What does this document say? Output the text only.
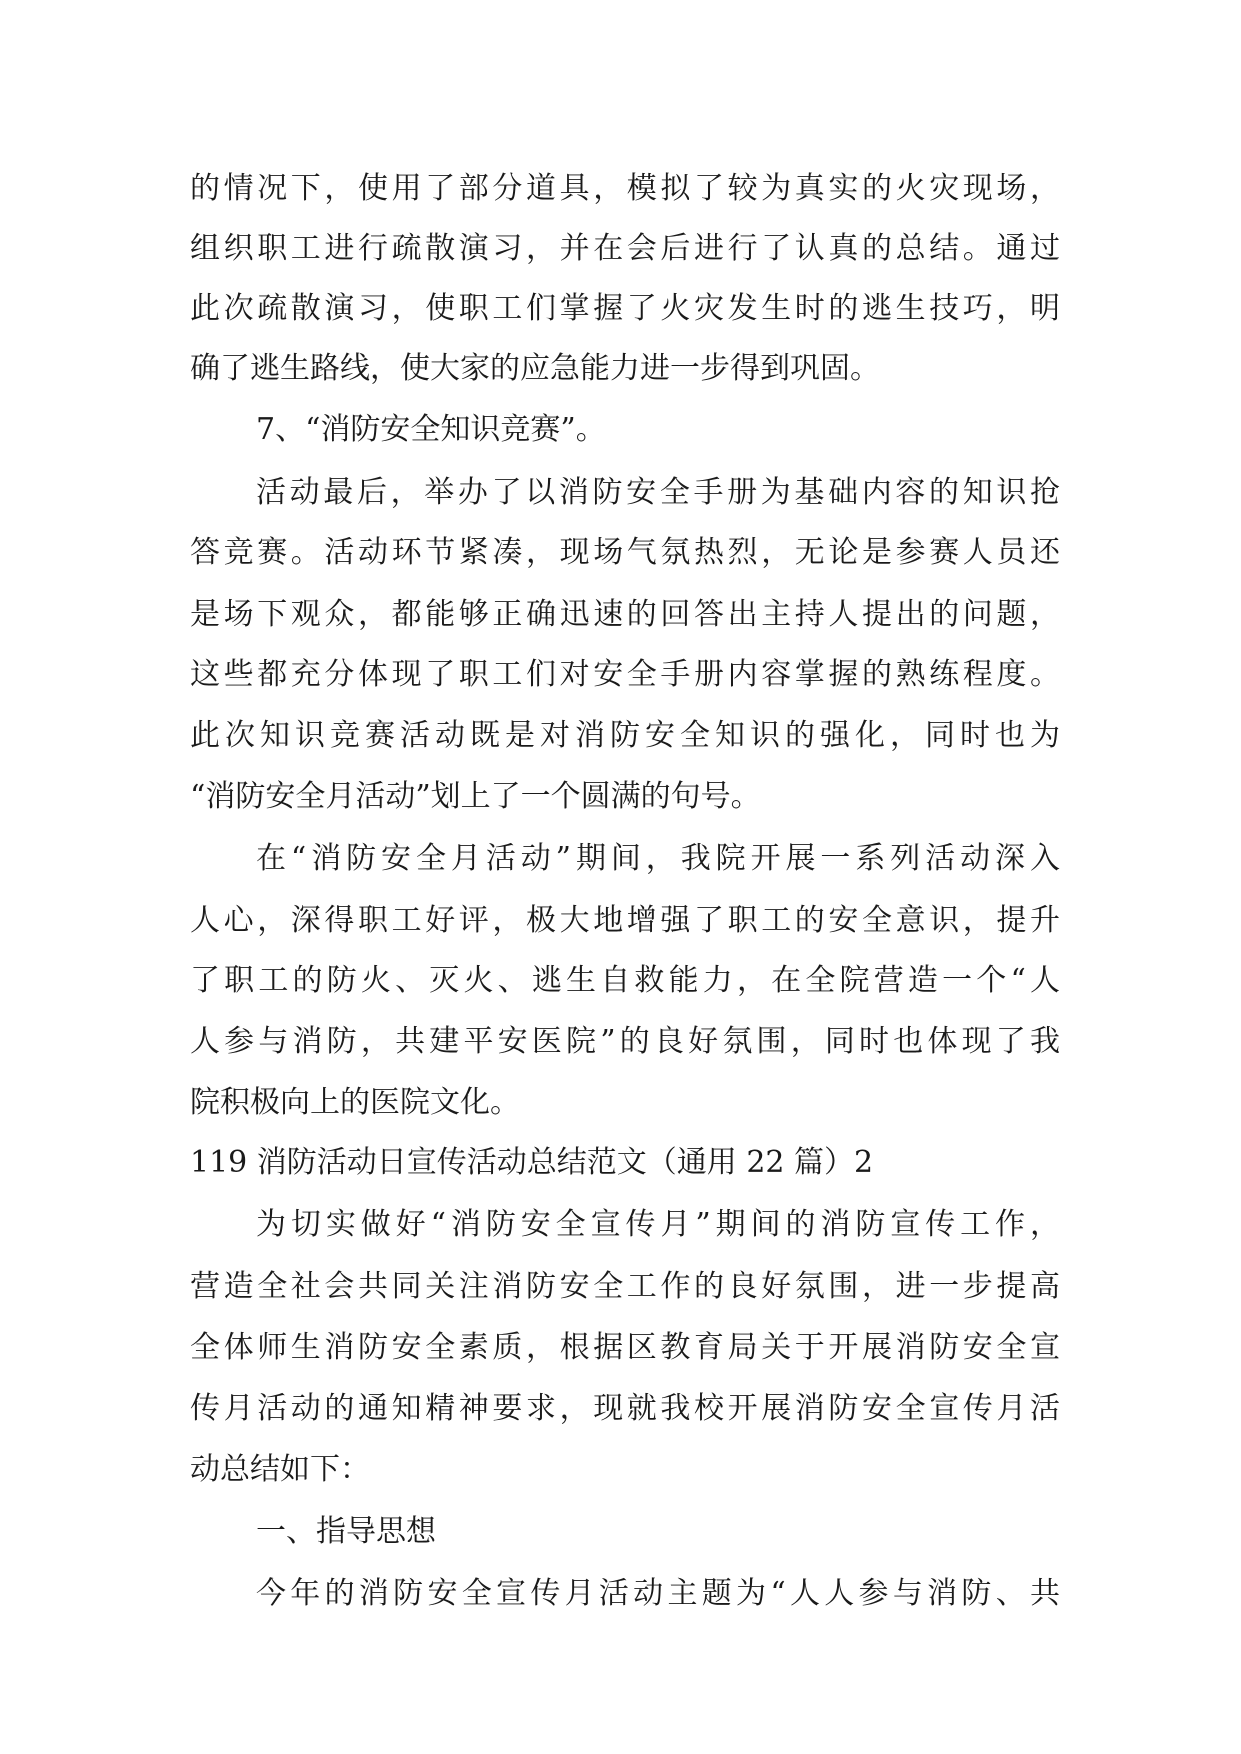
的情况下，使用了部分道具，模拟了较为真实的火灾现场，
组织职工进行疏散演习，并在会后进行了认真的总结。通过
此次疏散演习，使职工们掌握了火灾发生时的逃生技巧，明
确了逃生路线，使大家的应急能力进一步得到巩固。
7、“消防安全知识竞赛”。
活动最后，举办了以消防安全手册为基础内容的知识抢
答竞赛。活动环节紧凑，现场气氛热烈，无论是参赛人员还
是场下观众，都能够正确迅速的回答出主持人提出的问题，
这些都充分体现了职工们对安全手册内容掌握的熟练程度。
此次知识竞赛活动既是对消防安全知识的强化，同时也为
“消防安全月活动”划上了一个圆满的句号。
在“消防安全月活动”期间，我院开展一系列活动深入
人心，深得职工好评，极大地增强了职工的安全意识，提升
了职工的防火、灭火、逃生自救能力，在全院营造一个“人
人参与消防，共建平安医院”的良好氛围，同时也体现了我
院积极向上的医院文化。
119 消防活动日宣传活动总结范文（通用 22 篇）2
为切实做好“消防安全宣传月”期间的消防宣传工作，
营造全社会共同关注消防安全工作的良好氛围，进一步提高
全体师生消防安全素质，根据区教育局关于开展消防安全宣
传月活动的通知精神要求，现就我校开展消防安全宣传月活
动总结如下：
一、指导思想
今年的消防安全宣传月活动主题为“人人参与消防、共
